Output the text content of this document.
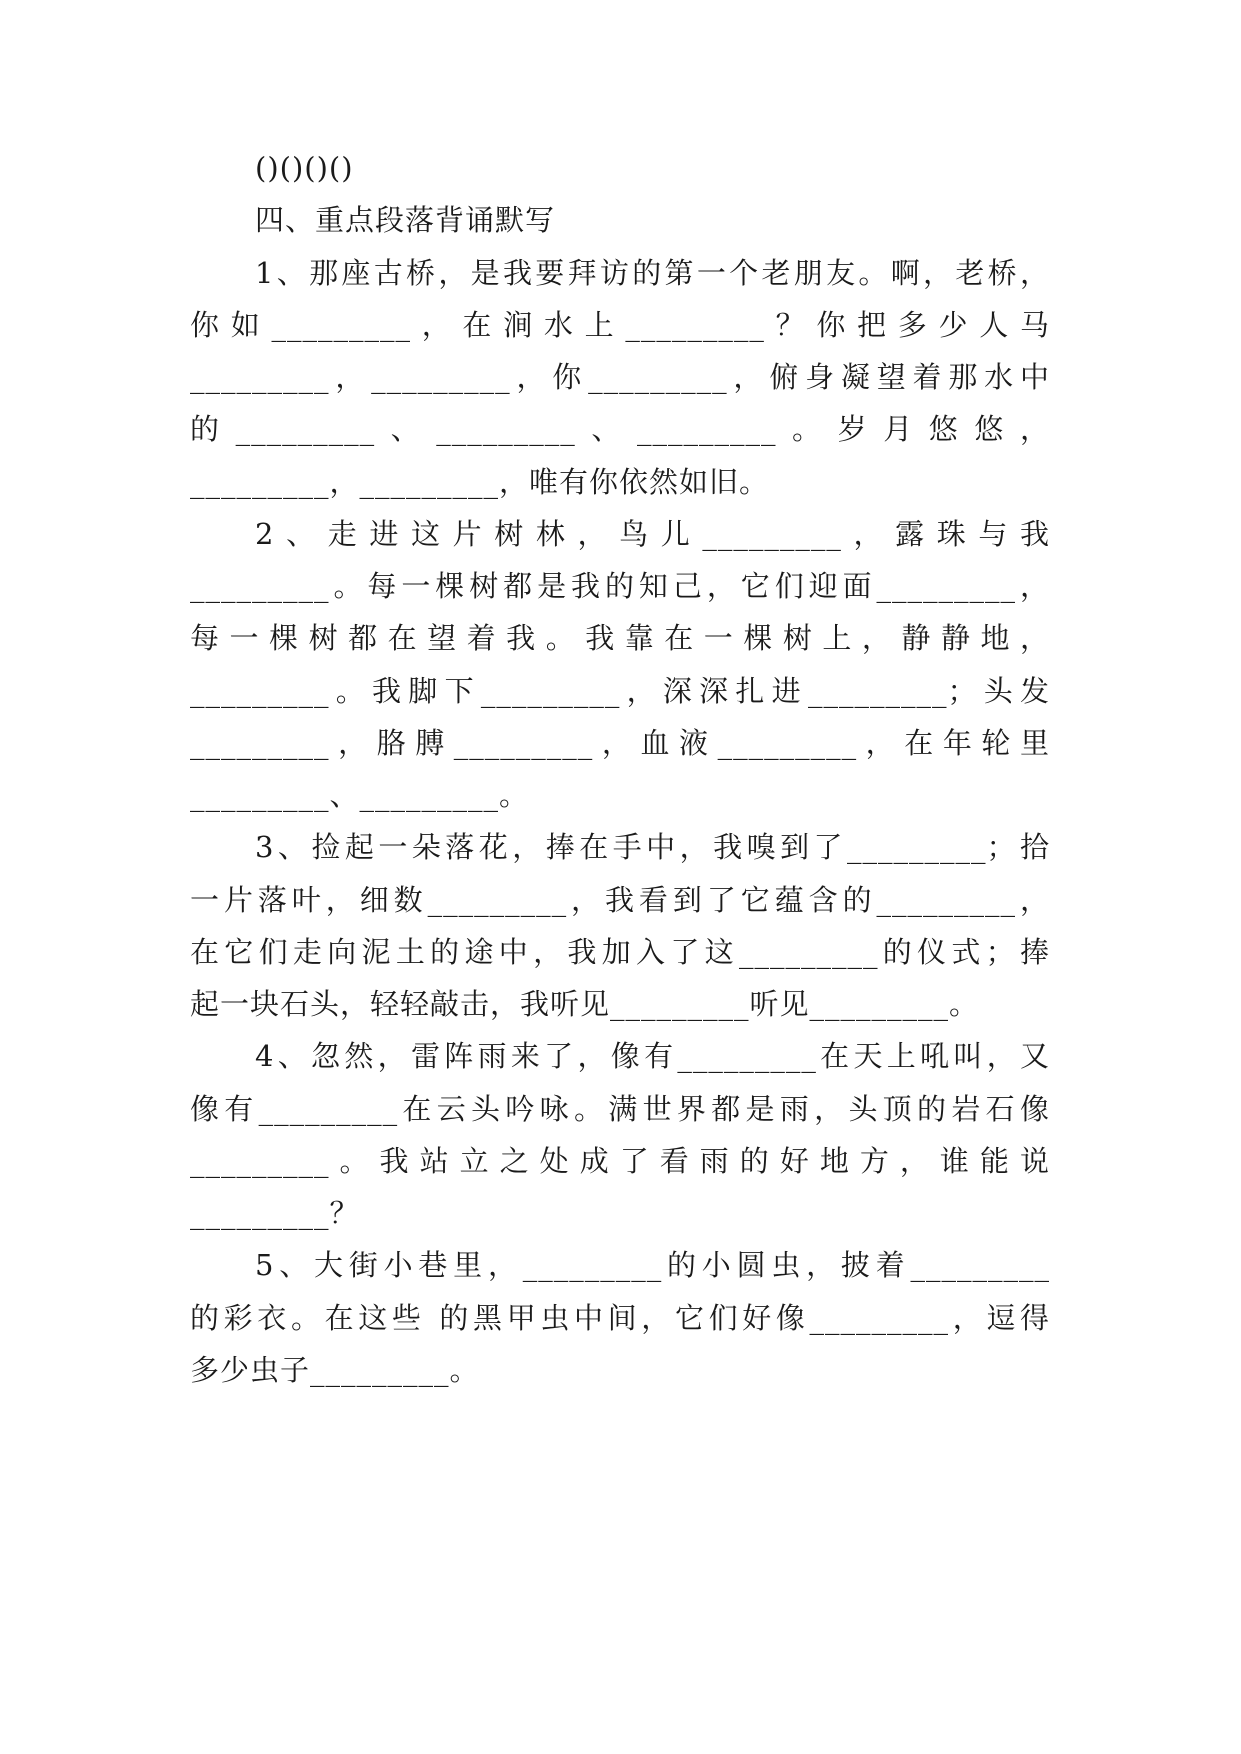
()()()()
四、重点段落背诵默写
1、那座古桥，是我要拜访的第一个老朋友。啊，老桥，
你如_________，在涧水上_________？你把多少人马
_________，_________，你_________，俯身凝望着那水中
的_________、_________、_________。岁月悠悠，
_________，_________，唯有你依然如旧。
2、走进这片树林，鸟儿_________，露珠与我
_________。每一棵树都是我的知己，它们迎面_________，
每一棵树都在望着我。我靠在一棵树上，静静地，
_________。我脚下_________，深深扎进_________；头发
_________，胳膊_________，血液_________，在年轮里
_________、_________。
3、捡起一朵落花，捧在手中，我嗅到了_________；拾
一片落叶，细数_________，我看到了它蕴含的_________，
在它们走向泥土的途中，我加入了这_________的仪式；捧
起一块石头，轻轻敲击，我听见_________听见_________。
4、忽然，雷阵雨来了，像有_________在天上吼叫，又
像有_________在云头吟咏。满世界都是雨，头顶的岩石像
_________。我站立之处成了看雨的好地方，谁能说
_________？
5、大街小巷里，_________的小圆虫，披着_________
的彩衣。在这些 的黑甲虫中间，它们好像_________，逗得
多少虫子_________。
